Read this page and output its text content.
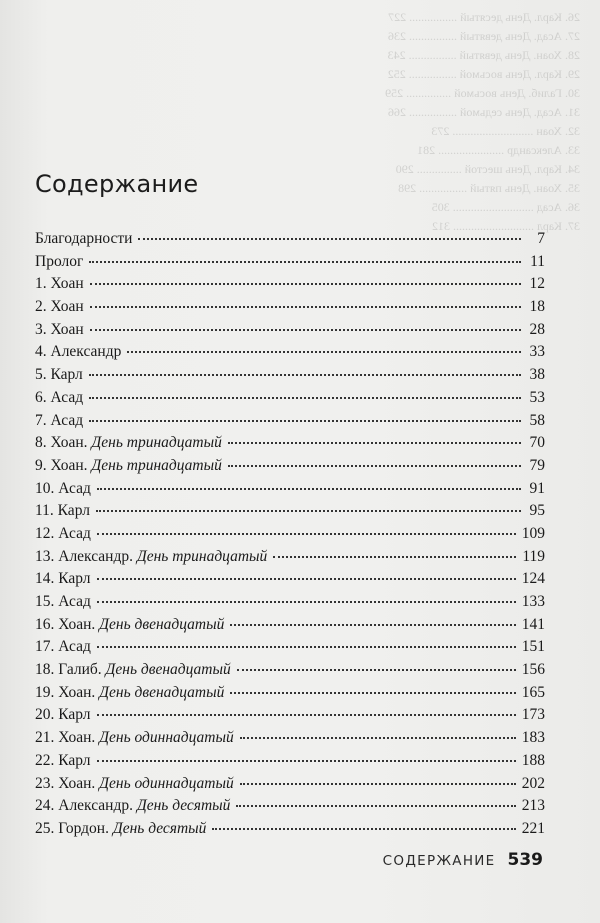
26. Карл. День десятый ................ 227
27. Асад. День девятый ................ 236
28. Хоан. День девятый ................ 243
29. Карл. День восьмой ................ 252
30. Галиб. День восьмой ............... 259
31. Асад. День седьмой ................ 266
32. Хоан ........................... 273
33. Александр ...................... 281
34. Карл. День шестой ............... 290
35. Хоан. День пятый ................ 298
36. Асад ........................... 305
37. Карл ........................... 312
Содержание
Благодарности	7
Пролог	11
1. Хоан	12
2. Хоан	18
3. Хоан	28
4. Александр	33
5. Карл	38
6. Асад	53
7. Асад	58
8. Хоан. День тринадцатый	70
9. Хоан. День тринадцатый	79
10. Асад	91
11. Карл	95
12. Асад	109
13. Александр. День тринадцатый	119
14. Карл	124
15. Асад	133
16. Хоан. День двенадцатый	141
17. Асад	151
18. Галиб. День двенадцатый	156
19. Хоан. День двенадцатый	165
20. Карл	173
21. Хоан. День одиннадцатый	183
22. Карл	188
23. Хоан. День одиннадцатый	202
24. Александр. День десятый	213
25. Гордон. День десятый	221
СОДЕРЖАНИЕ 539
